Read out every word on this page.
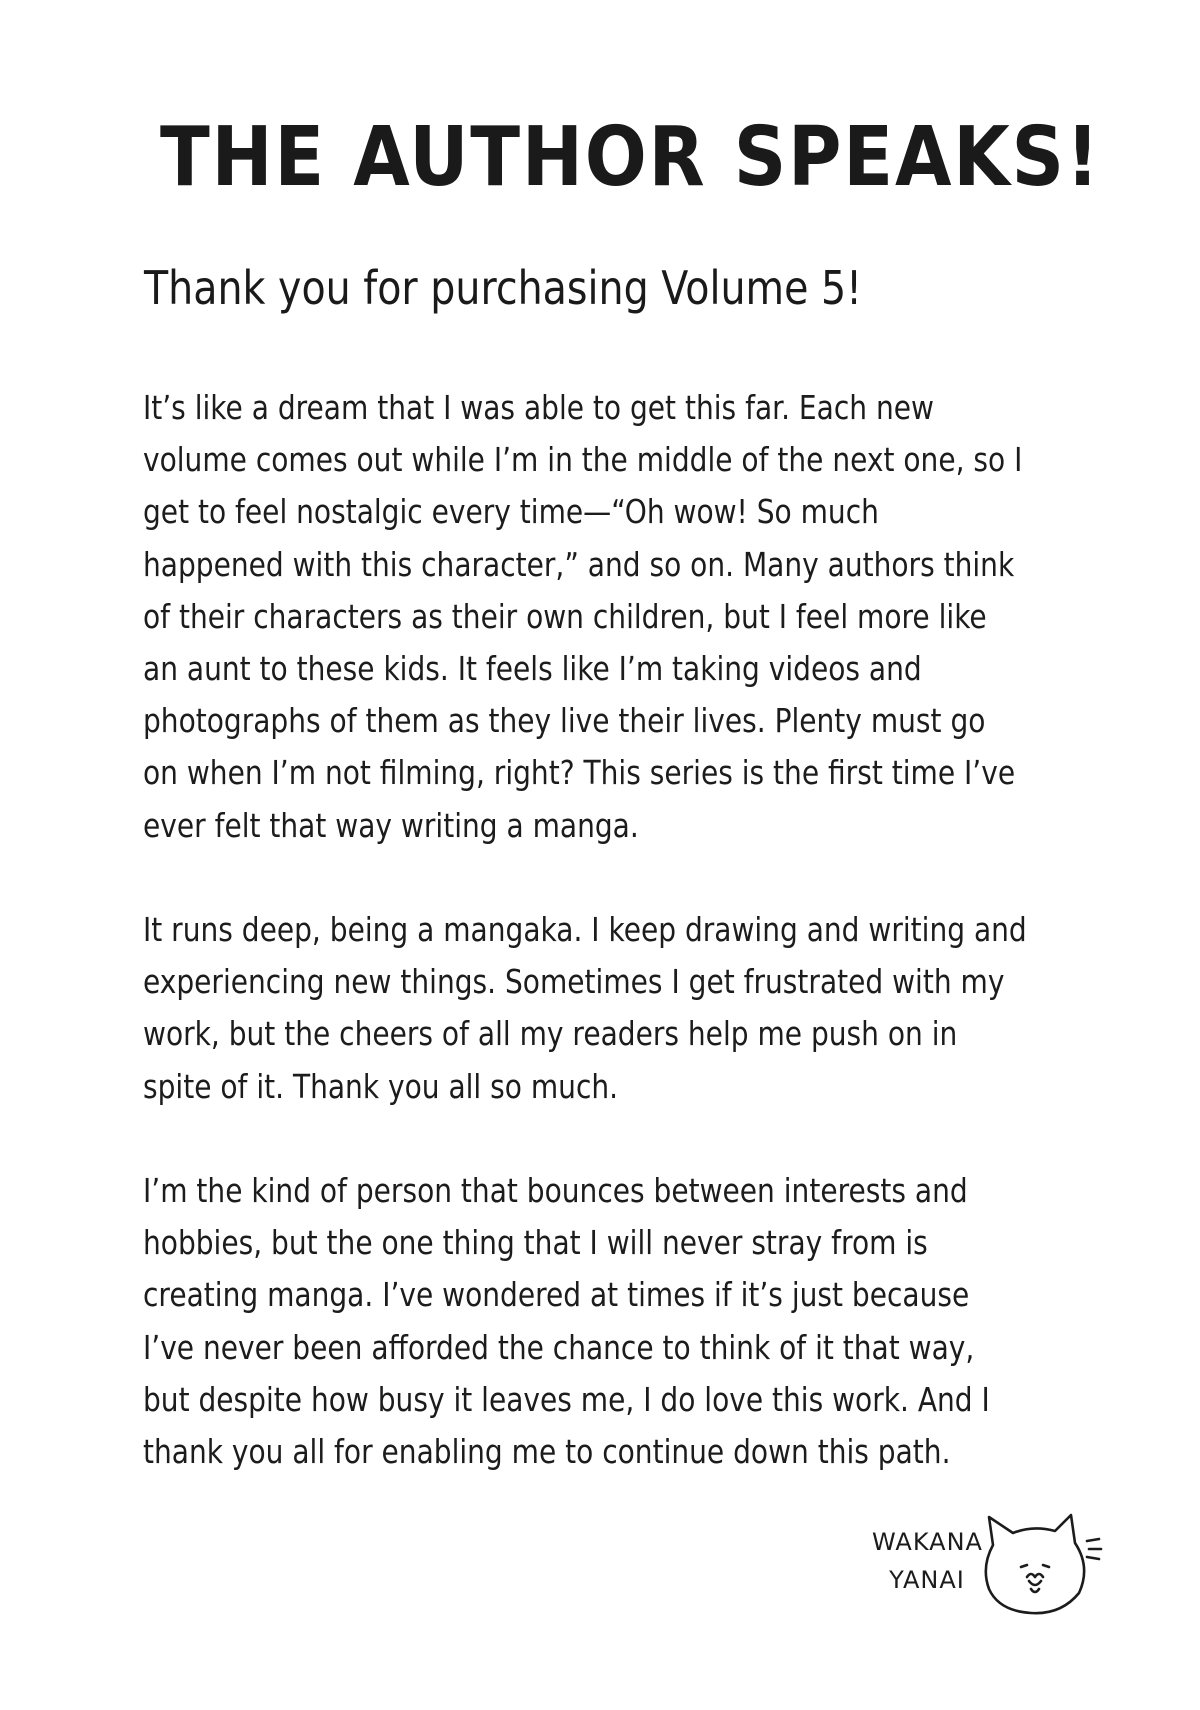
THE AUTHOR SPEAKS!
Thank you for purchasing Volume 5!

It’s like a dream that I was able to get this far. Each new volume comes out while I’m in the middle of the next one, so I get to feel nostalgic every time—“Oh wow! So much happened with this character,” and so on. Many authors think of their characters as their own children, but I feel more like an aunt to these kids. It feels like I’m taking videos and photographs of them as they live their lives. Plenty must go on when I’m not filming, right? This series is the first time I’ve ever felt that way writing a manga.

It runs deep, being a mangaka. I keep drawing and writing and experiencing new things. Sometimes I get frustrated with my work, but the cheers of all my readers help me push on in spite of it. Thank you all so much.

I’m the kind of person that bounces between interests and hobbies, but the one thing that I will never stray from is creating manga. I’ve wondered at times if it’s just because I’ve never been afforded the chance to think of it that way, but despite how busy it leaves me, I do love this work. And I thank you all for enabling me to continue down this path.

WAKANA
YANAI
